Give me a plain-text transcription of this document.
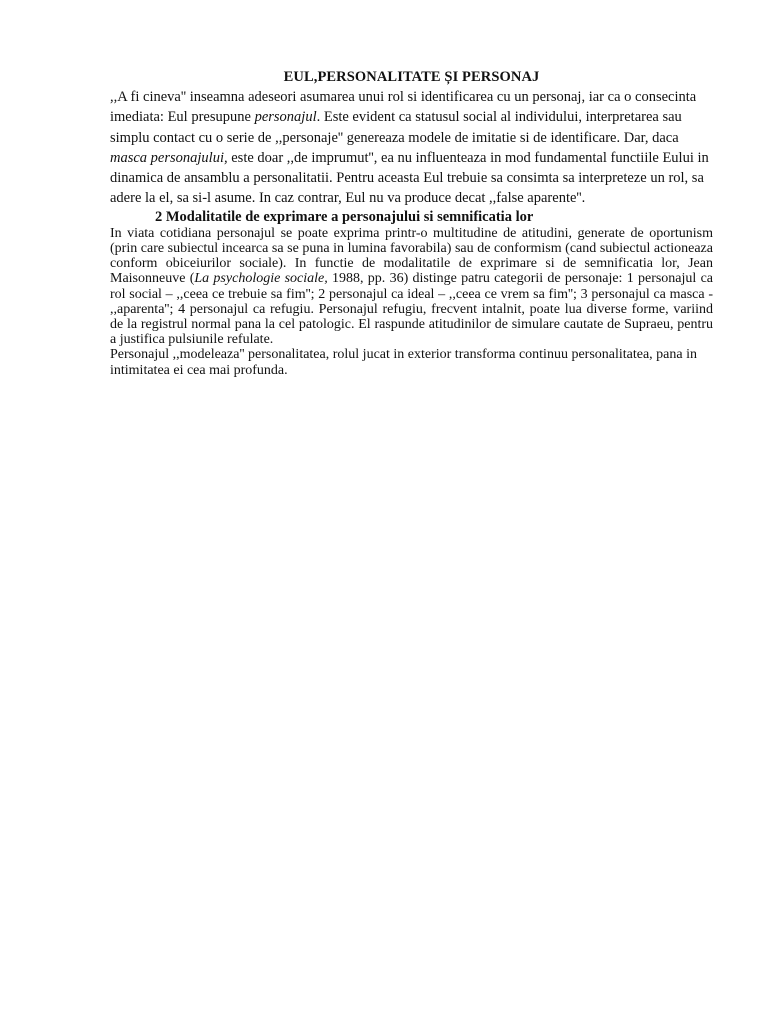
EUL,PERSONALITATE ȘI PERSONAJ

,,A fi cineva'' inseamna adeseori asumarea unui rol si identificarea cu un personaj, iar ca o consecinta imediata: Eul presupune personajul. Este evident ca statusul social al individului, interpretarea sau simplu contact cu o serie de ,,personaje'' genereaza modele de imitatie si de identificare. Dar, daca masca personajului, este doar ,,de imprumut'', ea nu influenteaza in mod fundamental functiile Eului in dinamica de ansamblu a personalitatii. Pentru aceasta Eul trebuie sa consimta sa interpreteze un rol, sa adere la el, sa si-l asume. In caz contrar, Eul nu va produce decat ,,false aparente''.

2 Modalitatile de exprimare a personajului si semnificatia lor

In viata cotidiana personajul se poate exprima printr-o multitudine de atitudini, generate de oportunism (prin care subiectul incearca sa se puna in lumina favorabila) sau de conformism (cand subiectul actioneaza conform obiceiurilor sociale). In functie de modalitatile de exprimare si de semnificatia lor, Jean Maisonneuve (La psychologie sociale, 1988, pp. 36) distinge patru categorii de personaje: 1 personajul ca rol social – ,,ceea ce trebuie sa fim''; 2 personajul ca ideal – ,,ceea ce vrem sa fim''; 3 personajul ca masca - ,,aparenta''; 4 personajul ca refugiu. Personajul refugiu, frecvent intalnit, poate lua diverse forme, variind de la registrul normal pana la cel patologic. El raspunde atitudinilor de simulare cautate de Supraeu, pentru a justifica pulsiunile refulate.

Personajul ,,modeleaza'' personalitatea, rolul jucat in exterior transforma continuu personalitatea, pana in intimitatea ei cea mai profunda.
